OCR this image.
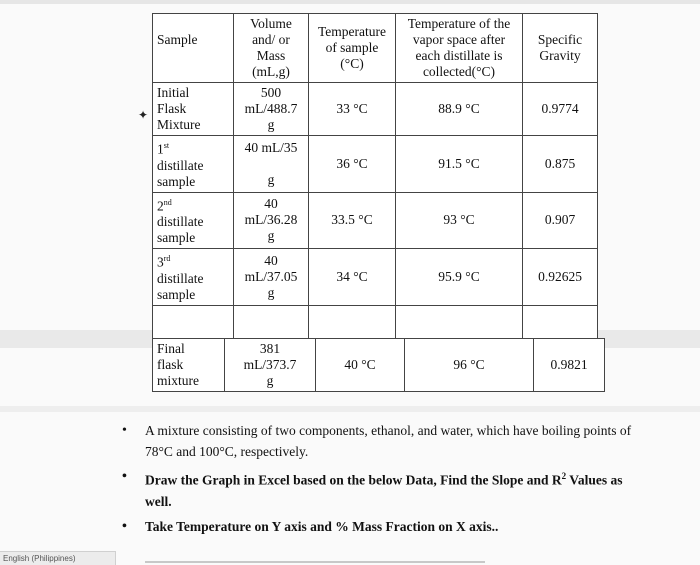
✦
Sample	Volume
and/ or
Mass
(mL,g)	Temperature
of sample
(°C)	Temperature of the
vapor space after
each distillate is
collected(°C)	Specific
Gravity
Initial
Flask
Mixture	500
mL/488.7
g	33 °C	88.9 °C	0.9774
1st
distillate
sample	40 mL/35

g	36 °C	91.5 °C	0.875
2nd
distillate
sample	40
mL/36.28
g	33.5 °C	93 °C	0.907
3rd
distillate
sample	40
mL/37.05
g	34 °C	95.9 °C	0.92625

Final
flask
mixture	381
mL/373.7
g	40 °C	96 °C	0.9821
• A mixture consisting of two components, ethanol, and water, which have boiling points of 78°C and 100°C, respectively.
• Draw the Graph in Excel based on the below Data, Find the Slope and $R^2$ Values as well.
• Take Temperature on Y axis and % Mass Fraction on X axis..
English (Philippines)
